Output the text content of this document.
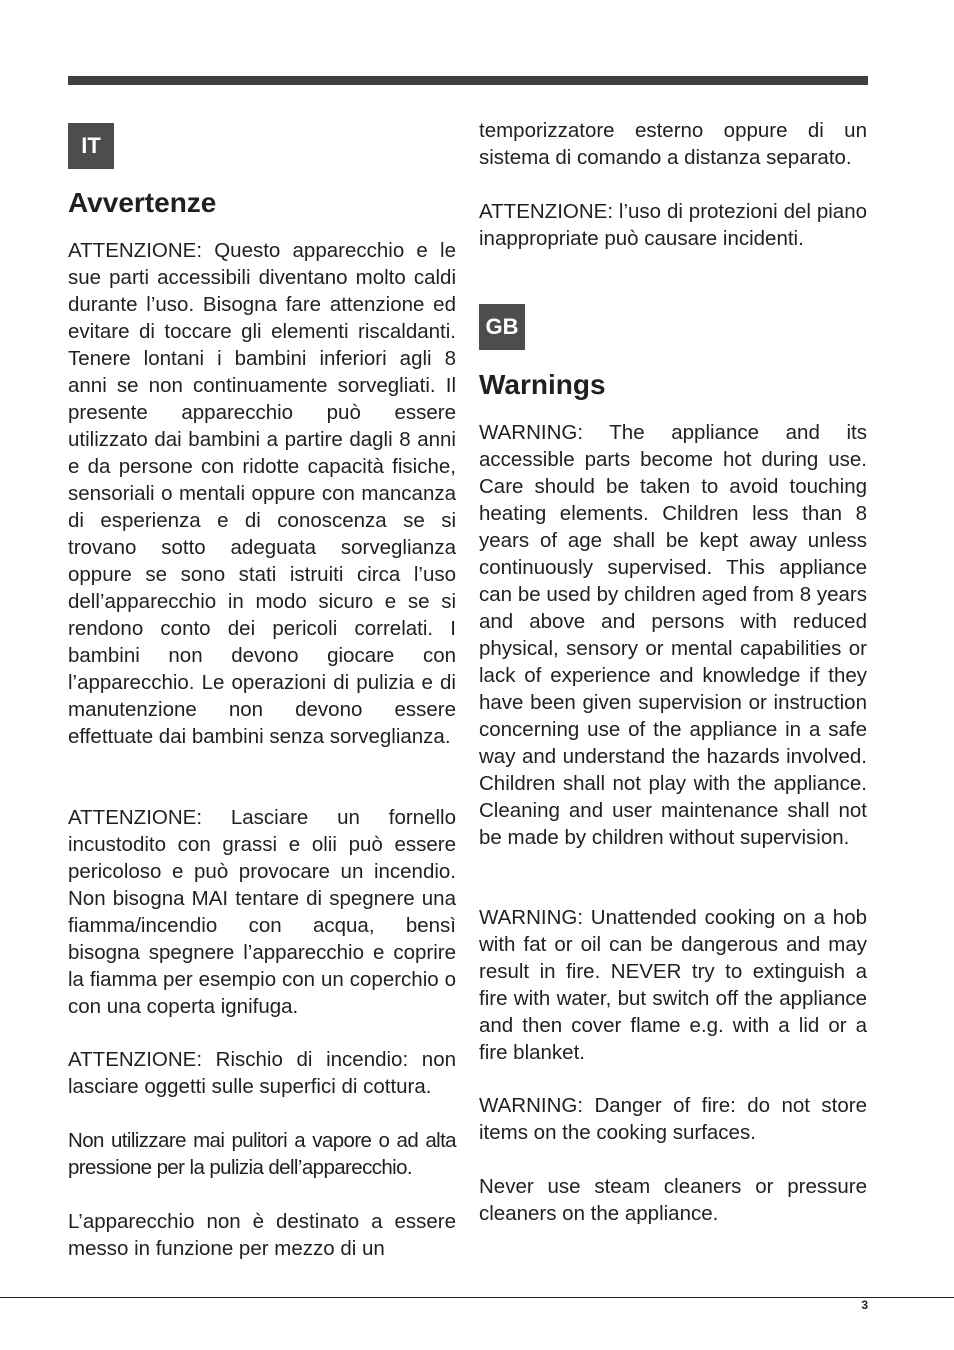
IT
Avvertenze

ATTENZIONE: Questo apparecchio e le sue parti accessibili diventano molto caldi durante l’uso. Bisogna fare attenzione ed evitare di toccare gli elementi riscaldanti. Tenere lontani i bambini inferiori agli 8 anni se non continuamente sorvegliati. Il presente apparecchio può essere utilizzato dai bambini a partire dagli 8 anni e da persone con ridotte capacità fisiche, sensoriali o mentali oppure con mancanza di esperienza e di conoscenza se si trovano sotto adeguata sorveglianza oppure se sono stati istruiti circa l’uso dell’apparecchio in modo sicuro e se si rendono conto dei pericoli correlati. I bambini non devono giocare con l’apparecchio. Le operazioni di pulizia e di manutenzione non devono essere effettuate dai bambini senza sorveglianza.

ATTENZIONE: Lasciare un fornello incustodito con grassi e olii può essere pericoloso e può provocare un incendio. Non bisogna MAI tentare di spegnere una fiamma/incendio con acqua, bensì bisogna spegnere l’apparecchio e coprire la fiamma per esempio con un coperchio o con una coperta ignifuga.

ATTENZIONE: Rischio di incendio: non lasciare oggetti sulle superfici di cottura.

Non utilizzare mai pulitori a vapore o ad alta pressione per la pulizia dell’apparecchio.

L’apparecchio non è destinato a essere messo in funzione per mezzo di un

temporizzatore esterno oppure di un sistema di comando a distanza separato.

ATTENZIONE: l’uso di protezioni del piano inappropriate può causare incidenti.

GB
Warnings

WARNING: The appliance and its accessible parts become hot during use. Care should be taken to avoid touching heating elements. Children less than 8 years of age shall be kept away unless continuously supervised. This appliance can be used by children aged from 8 years and above and persons with reduced physical, sensory or mental capabilities or lack of experience and knowledge if they have been given supervision or instruction concerning use of the appliance in a safe way and understand the hazards involved. Children shall not play with the appliance. Cleaning and user maintenance shall not be made by children without supervision.

WARNING: Unattended cooking on a hob with fat or oil can be dangerous and may result in fire. NEVER try to extinguish a fire with water, but switch off the appliance and then cover flame e.g. with a lid or a fire blanket.

WARNING: Danger of fire: do not store items on the cooking surfaces.

Never use steam cleaners or pressure cleaners on the appliance.

3
